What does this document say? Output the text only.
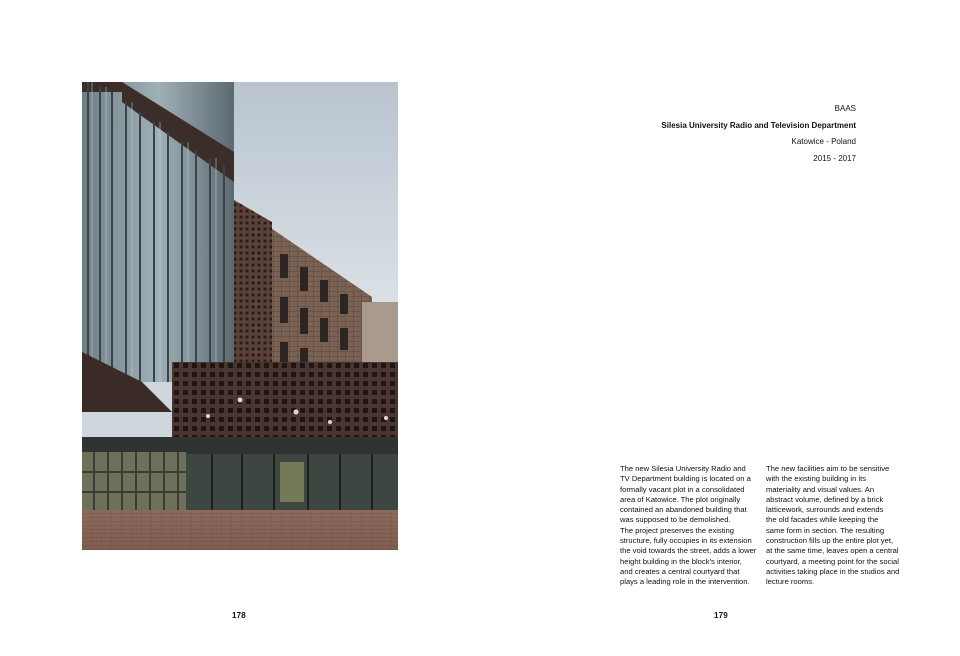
178
BAAS
Silesia University Radio and Television Department
Katowice - Poland
2015 - 2017

The new Silesia University Radio and

TV Department building is located on a

formally vacant plot in a consolidated

area of Katowice. The plot originally

contained an abandoned building that

was supposed to be demolished.

The project preserves the existing

structure, fully occupies in its extension

the void towards the street, adds a lower

height building in the block’s interior,

and creates a central courtyard that

plays a leading role in the intervention.

The new facilities aim to be sensitive

with the existing building in its

materiality and visual values. An

abstract volume, defined by a brick

latticework, surrounds and extends

the old facades while keeping the

same form in section. The resulting

construction fills up the entire plot yet,

at the same time, leaves open a central

courtyard, a meeting point for the social

activities taking place in the studios and

lecture rooms.

179
